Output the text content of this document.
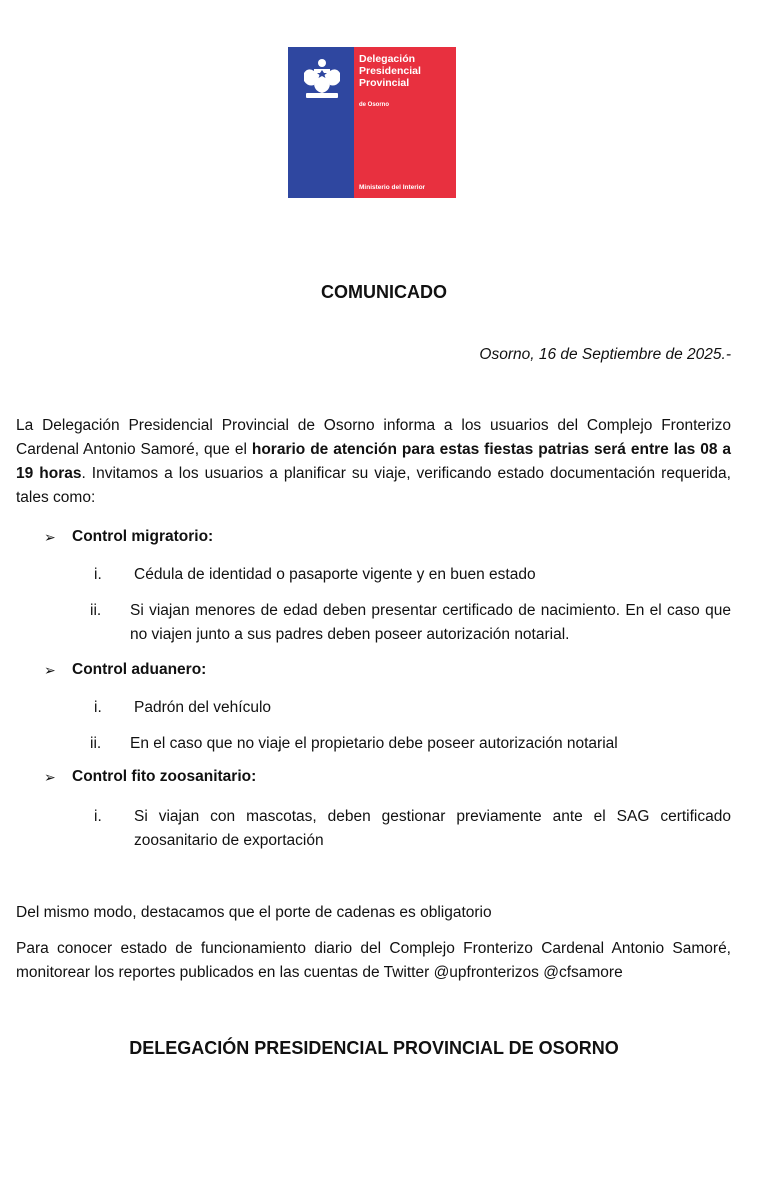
Delegación
Presidencial
Provincial
de Osorno
Ministerio del Interior
COMUNICADO
Osorno, 16 de Septiembre de 2025.-
La Delegación Presidencial Provincial de Osorno informa a los usuarios del Complejo Fronterizo Cardenal Antonio Samoré, que el horario de atención para estas fiestas patrias será entre las 08 a 19 horas. Invitamos a los usuarios a planificar su viaje, verificando estado documentación requerida, tales como:
➢	Control migratorio:
i.	Cédula de identidad o pasaporte vigente y en buen estado
ii.	Si viajan menores de edad deben presentar certificado de nacimiento. En el caso que no viajen junto a sus padres deben poseer autorización notarial.
➢	Control aduanero:
i.	Padrón del vehículo
ii.	En el caso que no viaje el propietario debe poseer autorización notarial
➢	Control fito zoosanitario:
i.	Si viajan con mascotas, deben gestionar previamente ante el SAG certificado zoosanitario de exportación
Del mismo modo, destacamos que el porte de cadenas es obligatorio
Para conocer estado de funcionamiento diario del Complejo Fronterizo Cardenal Antonio Samoré, monitorear los reportes publicados en las cuentas de Twitter @upfronterizos @cfsamore
DELEGACIÓN PRESIDENCIAL PROVINCIAL DE OSORNO
